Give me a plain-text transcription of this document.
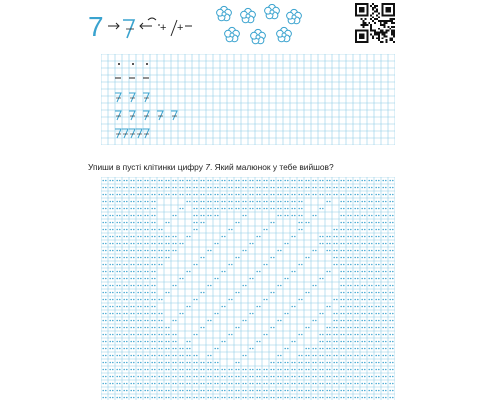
7	+ +
Упиши в пусті клітинки цифру 7. Який малюнок у тебе вийшов?
